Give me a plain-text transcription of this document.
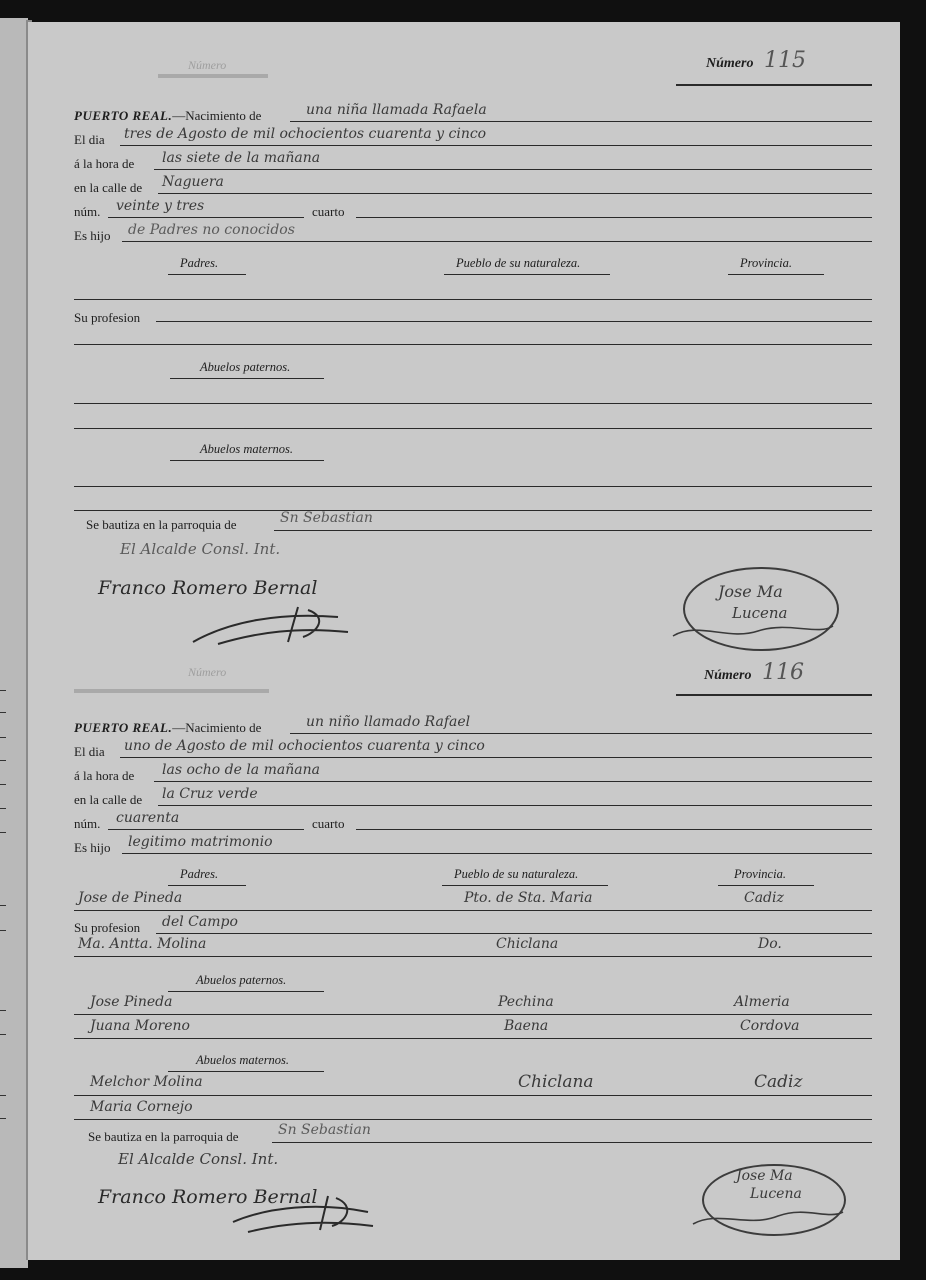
Número
Número
Número 115
PUERTO REAL.—Nacimiento de	una niña llamada Rafaela
El dia tres de Agosto de mil ochocientos cuarenta y cinco
á la hora de las siete de la mañana
en la calle de Naguera
núm. veinte y tres	cuarto
Es hijo de Padres no conocidos
Padres.	Pueblo de su naturaleza.	Provincia.
Su profesion
Abuelos paternos.
Abuelos maternos.
Se bautiza en la parroquia de	Sn Sebastian
El Alcalde Consl. Int.
Franco Romero Bernal	Jose Ma
Lucena
Número 116
PUERTO REAL.—Nacimiento de	un niño llamado Rafael
El dia uno de Agosto de mil ochocientos cuarenta y cinco
á la hora de las ocho de la mañana
en la calle de la Cruz verde
núm. cuarenta	cuarto
Es hijo legitimo matrimonio
Padres.	Pueblo de su naturaleza.	Provincia.
Jose de Pineda	Pto. de Sta. Maria	Cadiz
Su profesion del Campo
Ma. Antta. Molina	Chiclana	Do.
Abuelos paternos.
Jose Pineda	Pechina	Almeria
Juana Moreno	Baena	Cordova
Abuelos maternos.
Melchor Molina	Chiclana	Cadiz
Maria Cornejo
Se bautiza en la parroquia de	Sn Sebastian
El Alcalde Consl. Int.
Franco Romero Bernal
Jose Ma
Lucena
